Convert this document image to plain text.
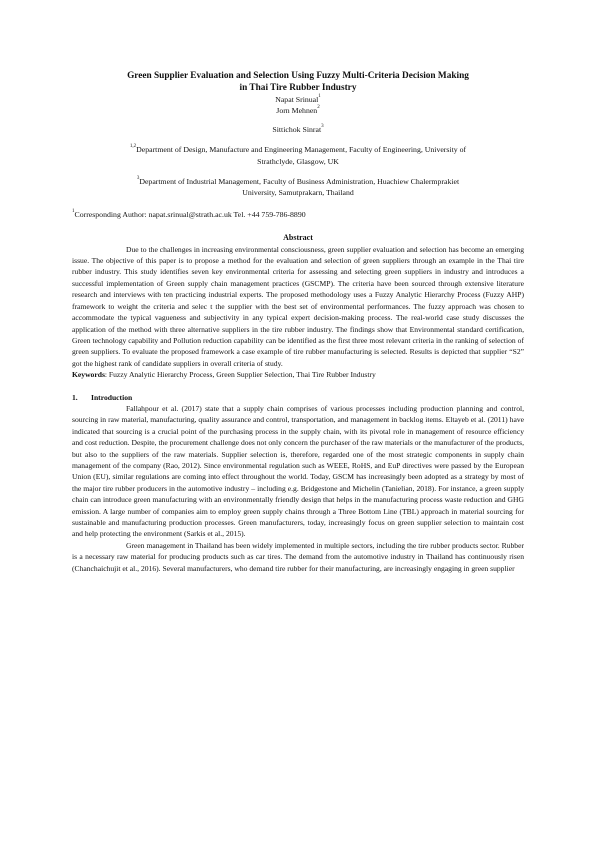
Green Supplier Evaluation and Selection Using Fuzzy Multi-Criteria Decision Making
in Thai Tire Rubber Industry
Napat Srinual$^1$
Jorn Mehnen$^2$
Sittichok Sinrat$^3$
$^{1,2}$Department of Design, Manufacture and Engineering Management, Faculty of Engineering, University of
Strathclyde, Glasgow, UK
$^3$Department of Industrial Management, Faculty of Business Administration, Huachiew Chalermprakiet
University, Samutprakarn, Thailand
$^1$Corresponding Author: napat.srinual@strath.ac.uk Tel. +44 759-786-8890
Abstract

Due to the challenges in increasing environmental consciousness, green supplier evaluation and selection has become an emerging issue. The objective of this paper is to propose a method for the evaluation and selection of green suppliers through an example in the Thai tire rubber industry. This study identifies seven key environmental criteria for assessing and selecting green suppliers in industry and introduces a successful implementation of Green supply chain management practices (GSCMP). The criteria have been sourced through extensive literature research and interviews with ten practicing industrial experts. The proposed methodology uses a Fuzzy Analytic Hierarchy Process (Fuzzy AHP) framework to weight the criteria and selec t the supplier with the best set of environmental performances. The fuzzy approach was chosen to accommodate the typical vagueness and subjectivity in any typical expert decision-making process. The real-world case study discusses the application of the method with three alternative suppliers in the tire rubber industry. The findings show that Environmental standard certification, Green technology capability and Pollution reduction capability can be identified as the first three most relevant criteria in the ranking of selection of green suppliers. To evaluate the proposed framework a case example of tire rubber manufacturing is selected. Results is depicted that supplier “S2” got the highest rank of candidate suppliers in overall criteria of study.

Keywords: Fuzzy Analytic Hierarchy Process, Green Supplier Selection, Thai Tire Rubber Industry

1. Introduction

Fallahpour et al. (2017) state that a supply chain comprises of various processes including production planning and control, sourcing in raw material, manufacturing, quality assurance and control, transportation, and management in backlog items. Eltayeb et al. (2011) have indicated that sourcing is a crucial point of the purchasing process in the supply chain, with its pivotal role in management of resource efficiency and cost reduction. Despite, the procurement challenge does not only concern the purchaser of the raw materials or the manufacturer of the products, but also to the suppliers of the raw materials. Supplier selection is, therefore, regarded one of the most strategic components in supply chain management of the company (Rao, 2012). Since environmental regulation such as WEEE, RoHS, and EuP directives were passed by the European Union (EU), similar regulations are coming into effect throughout the world. Today, GSCM has increasingly been adopted as a strategy by most of the major tire rubber producers in the automotive industry – including e.g. Bridgestone and Michelin (Tanielian, 2018). For instance, a green supply chain can introduce green manufacturing with an environmentally friendly design that helps in the manufacturing process waste reduction and GHG emission. A large number of companies aim to employ green supply chains through a Three Bottom Line (TBL) approach in material sourcing for sustainable and manufacturing production processes. Green manufacturers, today, increasingly focus on green supplier selection to maintain cost and help protecting the environment (Sarkis et al., 2015).

Green management in Thailand has been widely implemented in multiple sectors, including the tire rubber products sector. Rubber is a necessary raw material for producing products such as car tires. The demand from the automotive industry in Thailand has continuously risen (Chanchaichujit et al., 2016). Several manufacturers, who demand tire rubber for their manufacturing, are increasingly engaging in green supplier
